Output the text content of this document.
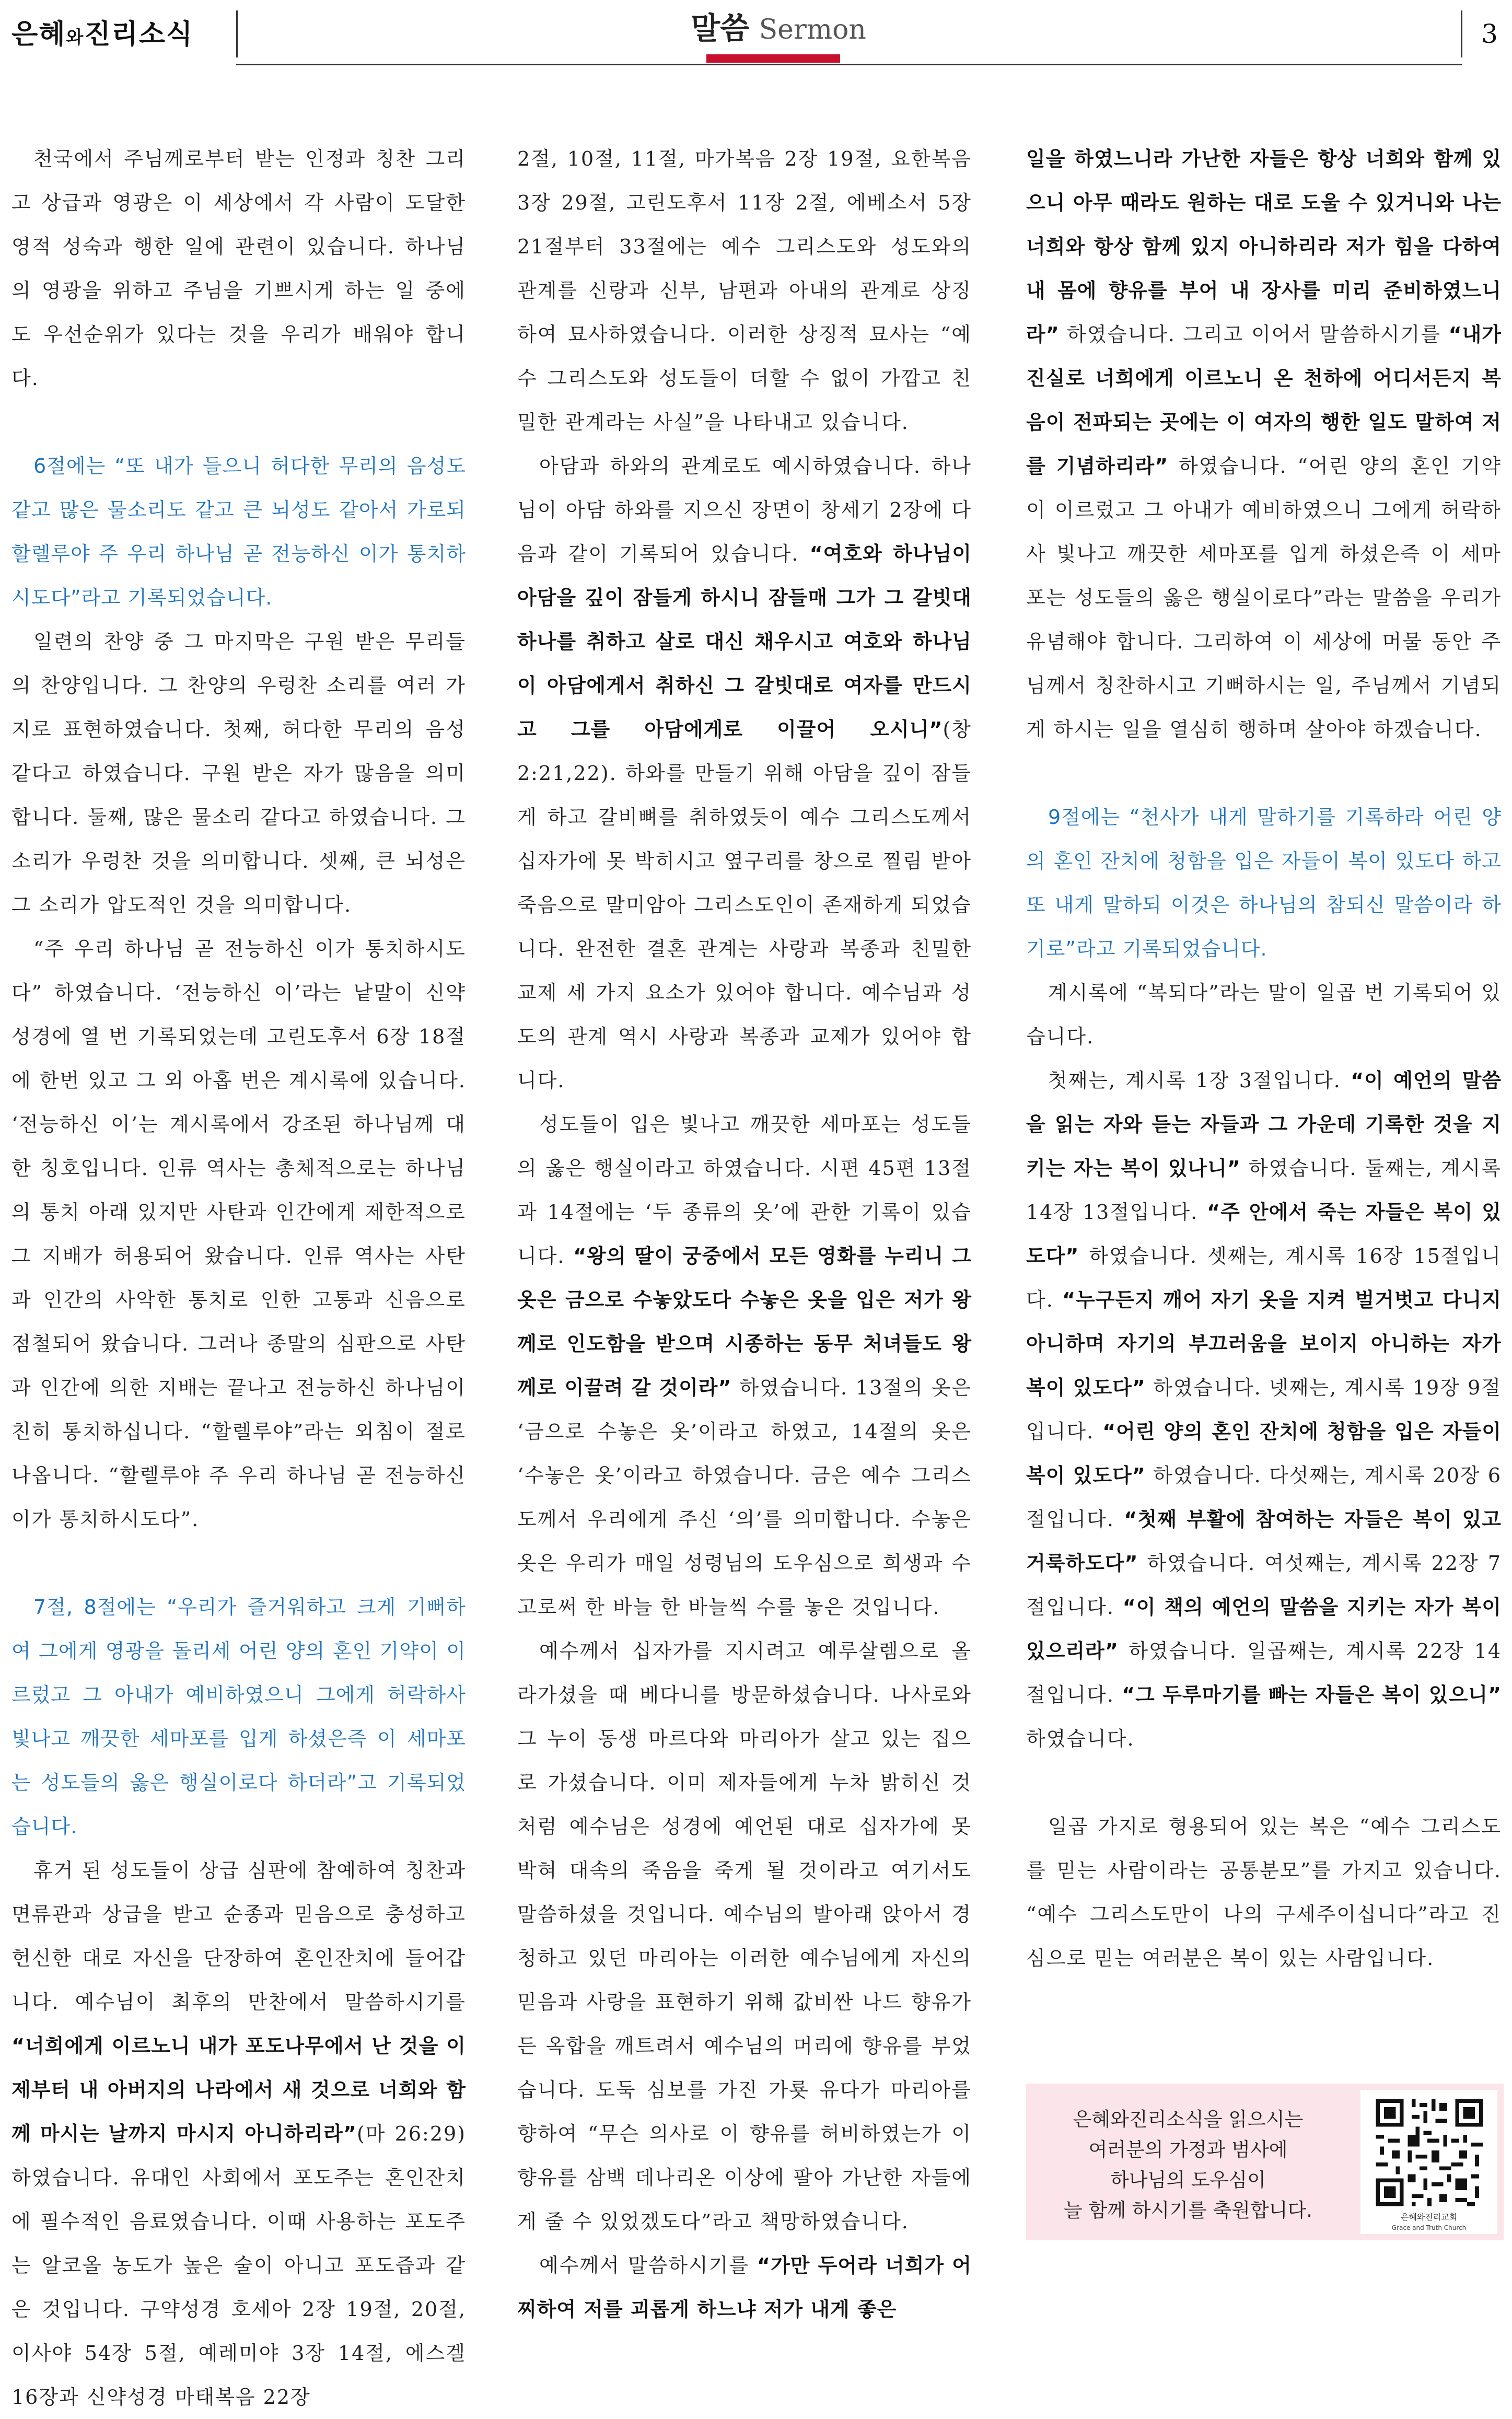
은혜와진리소식	말씀 Sermon	3

천국에서 주님께로부터 받는 인정과 칭찬 그리고 상급과 영광은 이 세상에서 각 사람이 도달한 영적 성숙과 행한 일에 관련이 있습니다. 하나님의 영광을 위하고 주님을 기쁘시게 하는 일 중에도 우선순위가 있다는 것을 우리가 배워야 합니다.

6절에는 “또 내가 들으니 허다한 무리의 음성도 같고 많은 물소리도 같고 큰 뇌성도 같아서 가로되 할렐루야 주 우리 하나님 곧 전능하신 이가 통치하시도다”라고 기록되었습니다.

일련의 찬양 중 그 마지막은 구원 받은 무리들의 찬양입니다. 그 찬양의 우렁찬 소리를 여러 가지로 표현하였습니다. 첫째, 허다한 무리의 음성 같다고 하였습니다. 구원 받은 자가 많음을 의미합니다. 둘째, 많은 물소리 같다고 하였습니다. 그 소리가 우렁찬 것을 의미합니다. 셋째, 큰 뇌성은 그 소리가 압도적인 것을 의미합니다.

“주 우리 하나님 곧 전능하신 이가 통치하시도다” 하였습니다. ‘전능하신 이’라는 낱말이 신약 성경에 열 번 기록되었는데 고린도후서 6장 18절에 한번 있고 그 외 아홉 번은 계시록에 있습니다. ‘전능하신 이’는 계시록에서 강조된 하나님께 대한 칭호입니다. 인류 역사는 총체적으로는 하나님의 통치 아래 있지만 사탄과 인간에게 제한적으로 그 지배가 허용되어 왔습니다. 인류 역사는 사탄과 인간의 사악한 통치로 인한 고통과 신음으로 점철되어 왔습니다. 그러나 종말의 심판으로 사탄과 인간에 의한 지배는 끝나고 전능하신 하나님이 친히 통치하십니다. “할렐루야”라는 외침이 절로 나옵니다. “할렐루야 주 우리 하나님 곧 전능하신 이가 통치하시도다”.

7절, 8절에는 “우리가 즐거워하고 크게 기뻐하여 그에게 영광을 돌리세 어린 양의 혼인 기약이 이르렀고 그 아내가 예비하였으니 그에게 허락하사 빛나고 깨끗한 세마포를 입게 하셨은즉 이 세마포는 성도들의 옳은 행실이로다 하더라”고 기록되었습니다.

휴거 된 성도들이 상급 심판에 참예하여 칭찬과 면류관과 상급을 받고 순종과 믿음으로 충성하고 헌신한 대로 자신을 단장하여 혼인잔치에 들어갑니다. 예수님이 최후의 만찬에서 말씀하시기를 “너희에게 이르노니 내가 포도나무에서 난 것을 이제부터 내 아버지의 나라에서 새 것으로 너희와 함께 마시는 날까지 마시지 아니하리라”(마 26:29) 하였습니다. 유대인 사회에서 포도주는 혼인잔치에 필수적인 음료였습니다. 이때 사용하는 포도주는 알코올 농도가 높은 술이 아니고 포도즙과 같은 것입니다. 구약성경 호세아 2장 19절, 20절, 이사야 54장 5절, 예레미야 3장 14절, 에스겔 16장과 신약성경 마태복음 22장

2절, 10절, 11절, 마가복음 2장 19절, 요한복음 3장 29절, 고린도후서 11장 2절, 에베소서 5장 21절부터 33절에는 예수 그리스도와 성도와의 관계를 신랑과 신부, 남편과 아내의 관계로 상징하여 묘사하였습니다. 이러한 상징적 묘사는 “예수 그리스도와 성도들이 더할 수 없이 가깝고 친밀한 관계라는 사실”을 나타내고 있습니다.

아담과 하와의 관계로도 예시하였습니다. 하나님이 아담 하와를 지으신 장면이 창세기 2장에 다음과 같이 기록되어 있습니다. “여호와 하나님이 아담을 깊이 잠들게 하시니 잠들매 그가 그 갈빗대 하나를 취하고 살로 대신 채우시고 여호와 하나님이 아담에게서 취하신 그 갈빗대로 여자를 만드시고 그를 아담에게로 이끌어 오시니”(창 2:21,22). 하와를 만들기 위해 아담을 깊이 잠들게 하고 갈비뼈를 취하였듯이 예수 그리스도께서 십자가에 못 박히시고 옆구리를 창으로 찔림 받아 죽음으로 말미암아 그리스도인이 존재하게 되었습니다. 완전한 결혼 관계는 사랑과 복종과 친밀한 교제 세 가지 요소가 있어야 합니다. 예수님과 성도의 관계 역시 사랑과 복종과 교제가 있어야 합니다.

성도들이 입은 빛나고 깨끗한 세마포는 성도들의 옳은 행실이라고 하였습니다. 시편 45편 13절과 14절에는 ‘두 종류의 옷’에 관한 기록이 있습니다. “왕의 딸이 궁중에서 모든 영화를 누리니 그 옷은 금으로 수놓았도다 수놓은 옷을 입은 저가 왕께로 인도함을 받으며 시종하는 동무 처녀들도 왕께로 이끌려 갈 것이라” 하였습니다. 13절의 옷은 ‘금으로 수놓은 옷’이라고 하였고, 14절의 옷은 ‘수놓은 옷’이라고 하였습니다. 금은 예수 그리스도께서 우리에게 주신 ‘의’를 의미합니다. 수놓은 옷은 우리가 매일 성령님의 도우심으로 희생과 수고로써 한 바늘 한 바늘씩 수를 놓은 것입니다.

예수께서 십자가를 지시려고 예루살렘으로 올라가셨을 때 베다니를 방문하셨습니다. 나사로와 그 누이 동생 마르다와 마리아가 살고 있는 집으로 가셨습니다. 이미 제자들에게 누차 밝히신 것처럼 예수님은 성경에 예언된 대로 십자가에 못 박혀 대속의 죽음을 죽게 될 것이라고 여기서도 말씀하셨을 것입니다. 예수님의 발아래 앉아서 경청하고 있던 마리아는 이러한 예수님에게 자신의 믿음과 사랑을 표현하기 위해 값비싼 나드 향유가 든 옥합을 깨트려서 예수님의 머리에 향유를 부었습니다. 도둑 심보를 가진 가룟 유다가 마리아를 향하여 “무슨 의사로 이 향유를 허비하였는가 이 향유를 삼백 데나리온 이상에 팔아 가난한 자들에게 줄 수 있었겠도다”라고 책망하였습니다.

예수께서 말씀하시기를 “가만 두어라 너희가 어찌하여 저를 괴롭게 하느냐 저가 내게 좋은

일을 하였느니라 가난한 자들은 항상 너희와 함께 있으니 아무 때라도 원하는 대로 도울 수 있거니와 나는 너희와 항상 함께 있지 아니하리라 저가 힘을 다하여 내 몸에 향유를 부어 내 장사를 미리 준비하였느니라” 하였습니다. 그리고 이어서 말씀하시기를 “내가 진실로 너희에게 이르노니 온 천하에 어디서든지 복음이 전파되는 곳에는 이 여자의 행한 일도 말하여 저를 기념하리라” 하였습니다. “어린 양의 혼인 기약이 이르렀고 그 아내가 예비하였으니 그에게 허락하사 빛나고 깨끗한 세마포를 입게 하셨은즉 이 세마포는 성도들의 옳은 행실이로다”라는 말씀을 우리가 유념해야 합니다. 그리하여 이 세상에 머물 동안 주님께서 칭찬하시고 기뻐하시는 일, 주님께서 기념되게 하시는 일을 열심히 행하며 살아야 하겠습니다.

9절에는 “천사가 내게 말하기를 기록하라 어린 양의 혼인 잔치에 청함을 입은 자들이 복이 있도다 하고 또 내게 말하되 이것은 하나님의 참되신 말씀이라 하기로”라고 기록되었습니다.

계시록에 “복되다”라는 말이 일곱 번 기록되어 있습니다.

첫째는, 계시록 1장 3절입니다. “이 예언의 말씀을 읽는 자와 듣는 자들과 그 가운데 기록한 것을 지키는 자는 복이 있나니” 하였습니다. 둘째는, 계시록 14장 13절입니다. “주 안에서 죽는 자들은 복이 있도다” 하였습니다. 셋째는, 계시록 16장 15절입니다. “누구든지 깨어 자기 옷을 지켜 벌거벗고 다니지 아니하며 자기의 부끄러움을 보이지 아니하는 자가 복이 있도다” 하였습니다. 넷째는, 계시록 19장 9절입니다. “어린 양의 혼인 잔치에 청함을 입은 자들이 복이 있도다” 하였습니다. 다섯째는, 계시록 20장 6절입니다. “첫째 부활에 참여하는 자들은 복이 있고 거룩하도다” 하였습니다. 여섯째는, 계시록 22장 7절입니다. “이 책의 예언의 말씀을 지키는 자가 복이 있으리라” 하였습니다. 일곱째는, 계시록 22장 14절입니다. “그 두루마기를 빠는 자들은 복이 있으니” 하였습니다.

일곱 가지로 형용되어 있는 복은 “예수 그리스도를 믿는 사람이라는 공통분모”를 가지고 있습니다. “예수 그리스도만이 나의 구세주이십니다”라고 진심으로 믿는 여러분은 복이 있는 사람입니다.

은혜와진리소식을 읽으시는
여러분의 가정과 범사에
하나님의 도우심이
늘 함께 하시기를 축원합니다.	은혜와진리교회
Grace and Truth Church
